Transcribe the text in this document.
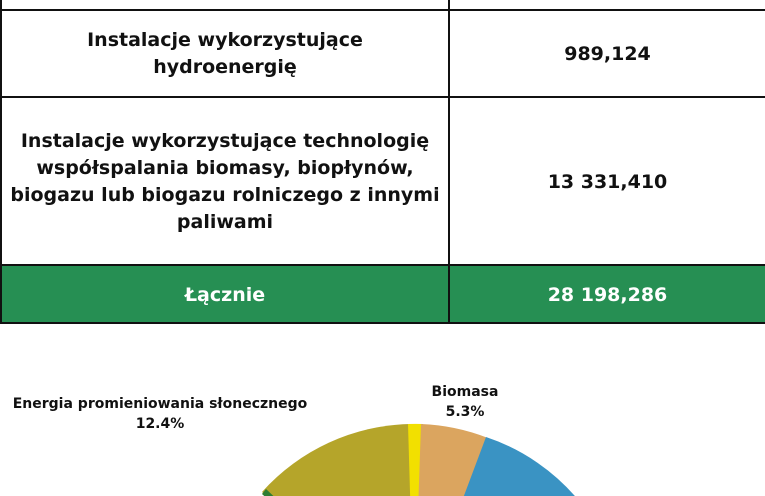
Instalacje wykorzystujące hydroenergię
989,124
Instalacje wykorzystujące technologię współspalania biomasy, biopłynów, biogazu lub biogazu rolniczego z innymi paliwami
13 331,410
Łącznie	28 198,286
Energia promieniowania słonecznego
12.4%
Biomasa
5.3%
